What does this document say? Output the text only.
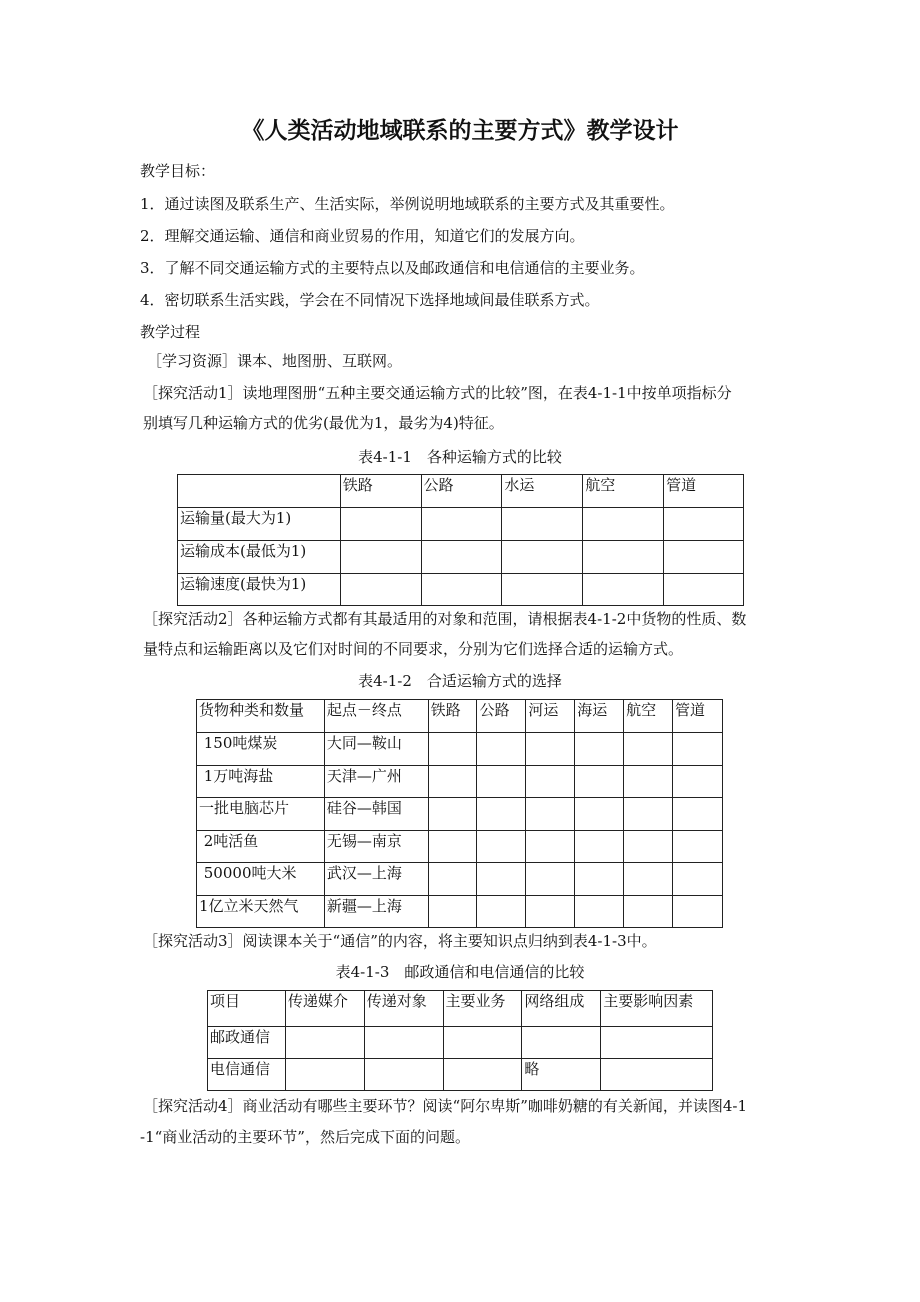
《人类活动地域联系的主要方式》教学设计
教学目标：
1．通过读图及联系生产、生活实际，举例说明地域联系的主要方式及其重要性。
2．理解交通运输、通信和商业贸易的作用，知道它们的发展方向。
3．了解不同交通运输方式的主要特点以及邮政通信和电信通信的主要业务。
4．密切联系生活实践，学会在不同情况下选择地域间最佳联系方式。
教学过程
［学习资源］课本、地图册、互联网。
［探究活动1］读地理图册“五种主要交通运输方式的比较”图，在表4-1-1中按单项指标分
别填写几种运输方式的优劣(最优为1，最劣为4)特征。
表4-1-1　各种运输方式的比较
	铁路	公路	水运	航空	管道
运输量(最大为1)					
运输成本(最低为1)					
运输速度(最快为1)					
［探究活动2］各种运输方式都有其最适用的对象和范围，请根据表4-1-2中货物的性质、数
量特点和运输距离以及它们对时间的不同要求，分别为它们选择合适的运输方式。
表4-1-2　合适运输方式的选择
货物种类和数量	起点－终点	铁路	公路	河运	海运	航空	管道
150吨煤炭	大同—鞍山						
1万吨海盐	天津—广州						
一批电脑芯片	硅谷—韩国						
2吨活鱼	无锡—南京						
50000吨大米	武汉—上海						
1亿立米天然气	新疆—上海						
［探究活动3］阅读课本关于“通信”的内容，将主要知识点归纳到表4-1-3中。
表4-1-3　邮政通信和电信通信的比较
项目	传递媒介	传递对象	主要业务	网络组成	主要影响因素
邮政通信					
电信通信				略	
［探究活动4］商业活动有哪些主要环节？阅读“阿尔卑斯”咖啡奶糖的有关新闻，并读图4-1
-1“商业活动的主要环节”，然后完成下面的问题。
